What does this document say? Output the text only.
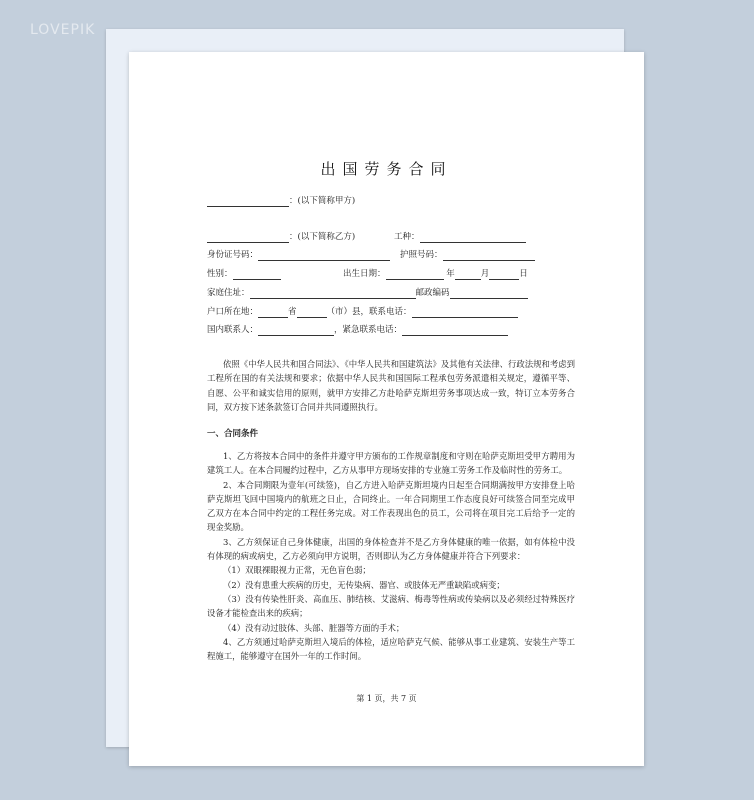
LOVEPIK
出国劳务合同
：(以下简称甲方)
：(以下简称乙方)	工种：
身份证号码：	护照号码：
性别：	出生日期：	年	月	日
家庭住址：	邮政编码
户口所在地：	省	（市）县，联系电话：
国内联系人：	，紧急联系电话：

依照《中华人民共和国合同法》、《中华人民共和国建筑法》及其他有关法律、行政法规和考虑到工程所在国的有关法规和要求；依据中华人民共和国国际工程承包劳务派遣相关规定，遵循平等、自愿、公平和诚实信用的原则，就甲方安排乙方赴哈萨克斯坦劳务事项达成一致，特订立本劳务合同，双方按下述条款签订合同并共同遵照执行。

一、合同条件

1、乙方将按本合同中的条件并遵守甲方颁布的工作规章制度和守则在哈萨克斯坦受甲方聘用为建筑工人。在本合同履约过程中，乙方从事甲方现场安排的专业施工劳务工作及临时性的劳务工。

2、本合同期限为壹年(可续签)，自乙方进入哈萨克斯坦境内日起至合同期满按甲方安排登上哈萨克斯坦飞回中国境内的航班之日止，合同终止。一年合同期里工作态度良好可续签合同至完成甲乙双方在本合同中约定的工程任务完成。对工作表现出色的员工，公司将在项目完工后给予一定的现金奖励。

3、乙方须保证自己身体健康，出国的身体检查并不是乙方身体健康的唯一依据，如有体检中没有体现的病或病史，乙方必须向甲方说明，否则即认为乙方身体健康并符合下列要求：

（1）双眼裸眼视力正常，无色盲色弱；

（2）没有患重大疾病的历史，无传染病、器官、或肢体无严重缺陷或病变；

（3）没有传染性肝炎、高血压、肺结核、艾滋病、梅毒等性病或传染病以及必须经过特殊医疗设备才能检查出来的疾病；

（4）没有动过肢体、头部、脏器等方面的手术；

4、乙方须通过哈萨克斯坦入境后的体检，适应哈萨克气候、能够从事工业建筑、安装生产等工程施工，能够遵守在国外一年的工作时间。

第 1 页，共 7 页
